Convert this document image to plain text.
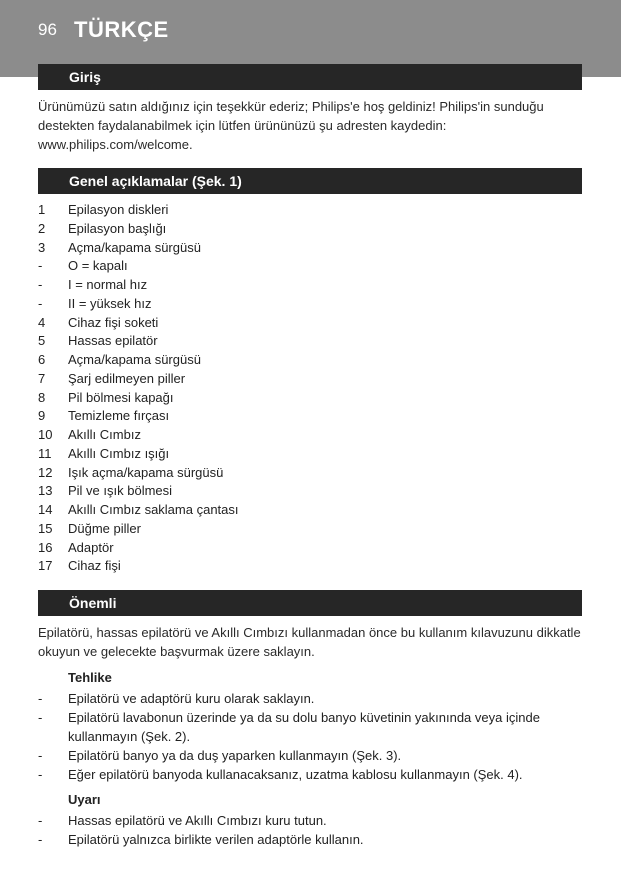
96 TÜRKÇE
Giriş
Ürünümüzü satın aldığınız için teşekkür ederiz; Philips'e hoş geldiniz! Philips'in sunduğu destekten faydalanabilmek için lütfen ürününüzü şu adresten kaydedin: www.philips.com/welcome.
Genel açıklamalar (Şek. 1)
1	Epilasyon diskleri
2	Epilasyon başlığı
3	Açma/kapama sürgüsü
-	O = kapalı
-	I = normal hız
-	II = yüksek hız
4	Cihaz fişi soketi
5	Hassas epilatör
6	Açma/kapama sürgüsü
7	Şarj edilmeyen piller
8	Pil bölmesi kapağı
9	Temizleme fırçası
10	Akıllı Cımbız
11	Akıllı Cımbız ışığı
12	Işık açma/kapama sürgüsü
13	Pil ve ışık bölmesi
14	Akıllı Cımbız saklama çantası
15	Düğme piller
16	Adaptör
17	Cihaz fişi
Önemli
Epilatörü, hassas epilatörü ve Akıllı Cımbızı kullanmadan önce bu kullanım kılavuzunu dikkatle okuyun ve gelecekte başvurmak üzere saklayın.
Tehlike

- Epilatörü ve adaptörü kuru olarak saklayın.

- Epilatörü lavabonun üzerinde ya da su dolu banyo küvetinin yakınında veya içinde kullanmayın (Şek. 2).

- Epilatörü banyo ya da duş yaparken kullanmayın (Şek. 3).

- Eğer epilatörü banyoda kullanacaksanız, uzatma kablosu kullanmayın (Şek. 4).

Uyarı

- Hassas epilatörü ve Akıllı Cımbızı kuru tutun.

- Epilatörü yalnızca birlikte verilen adaptörle kullanın.
